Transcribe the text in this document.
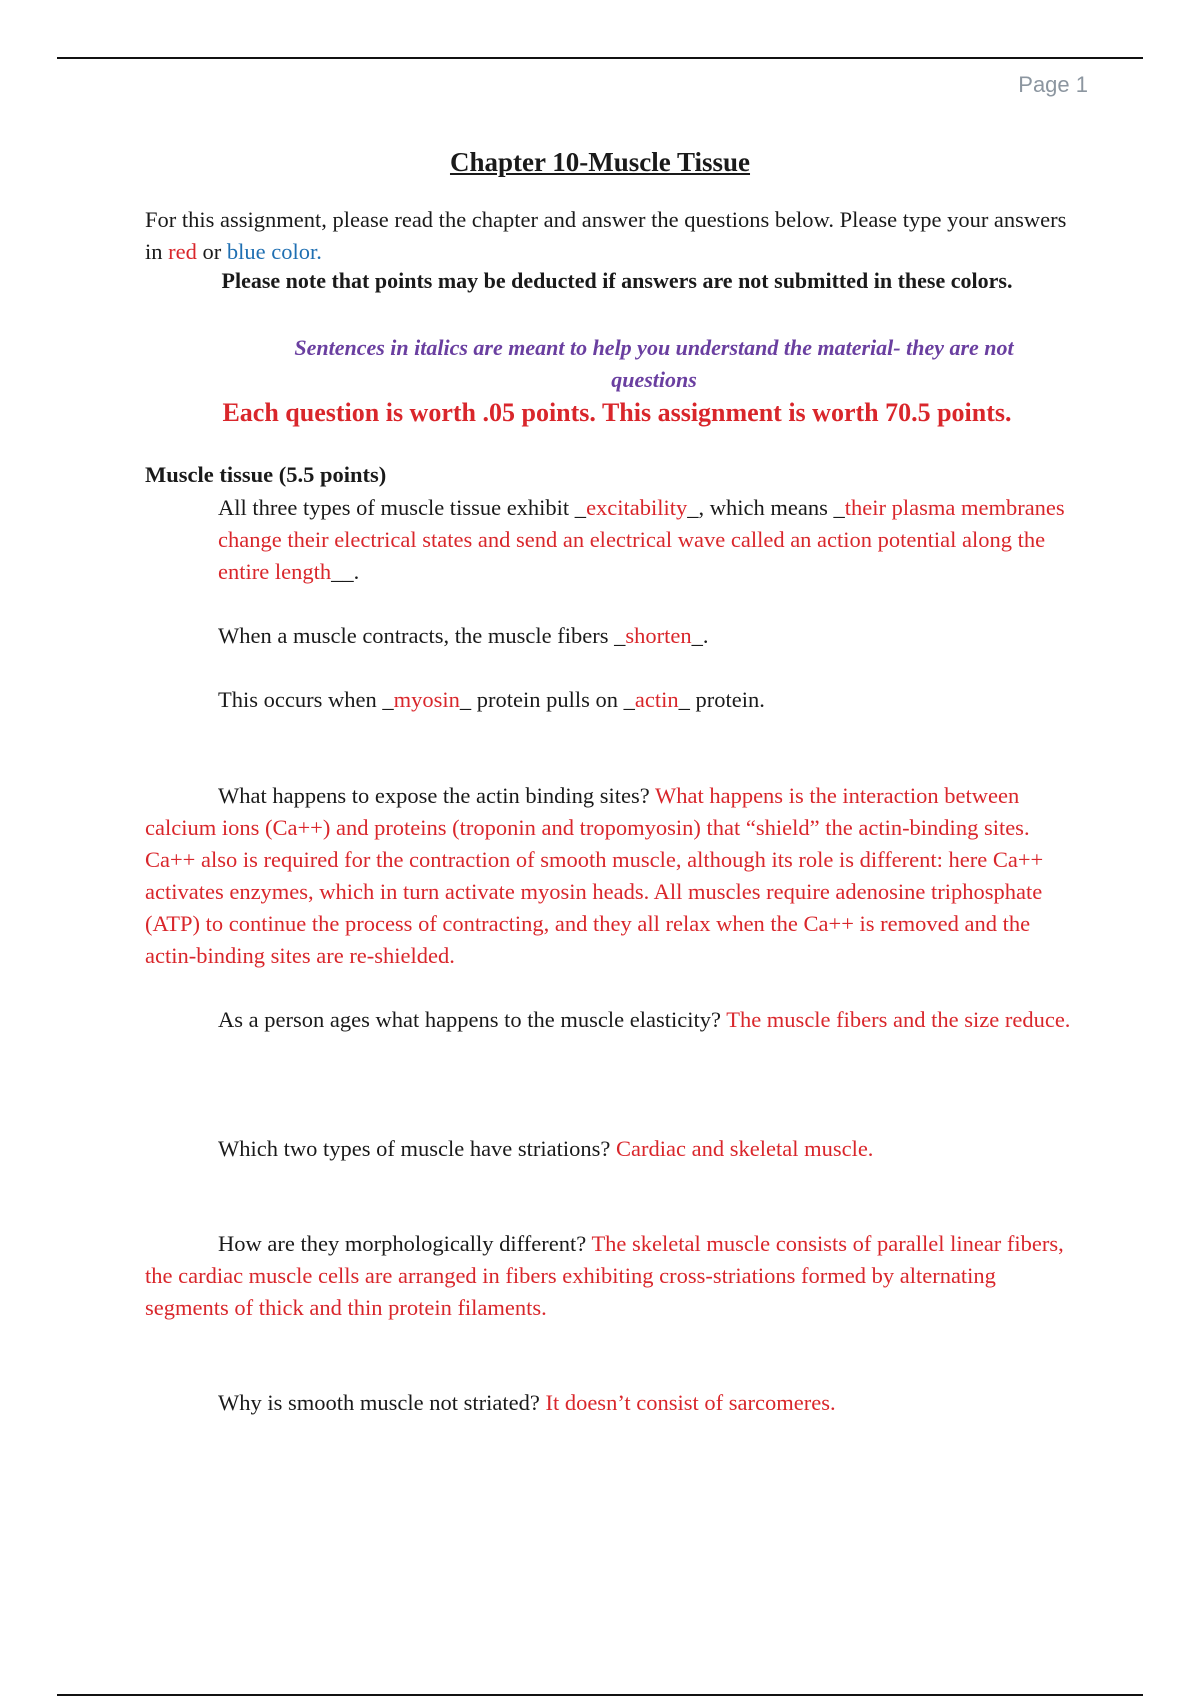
Page 1
Chapter 10-Muscle Tissue
For this assignment, please read the chapter and answer the questions below. Please type your answers in red or blue color.
Please note that points may be deducted if answers are not submitted in these colors.
Sentences in italics are meant to help you understand the material- they are not questions
Each question is worth .05 points. This assignment is worth 70.5 points.
Muscle tissue (5.5 points)
All three types of muscle tissue exhibit _excitability_, which means _their plasma membranes change their electrical states and send an electrical wave called an action potential along the entire length__.
When a muscle contracts, the muscle fibers _shorten_.
This occurs when _myosin_ protein pulls on _actin_ protein.
What happens to expose the actin binding sites? What happens is the interaction between calcium ions (Ca++) and proteins (troponin and tropomyosin) that “shield” the actin-binding sites. Ca++ also is required for the contraction of smooth muscle, although its role is different: here Ca++ activates enzymes, which in turn activate myosin heads. All muscles require adenosine triphosphate (ATP) to continue the process of contracting, and they all relax when the Ca++ is removed and the actin-binding sites are re-shielded.
As a person ages what happens to the muscle elasticity? The muscle fibers and the size reduce.
Which two types of muscle have striations? Cardiac and skeletal muscle.
How are they morphologically different? The skeletal muscle consists of parallel linear fibers, the cardiac muscle cells are arranged in fibers exhibiting cross-striations formed by alternating segments of thick and thin protein filaments.
Why is smooth muscle not striated? It doesn’t consist of sarcomeres.
